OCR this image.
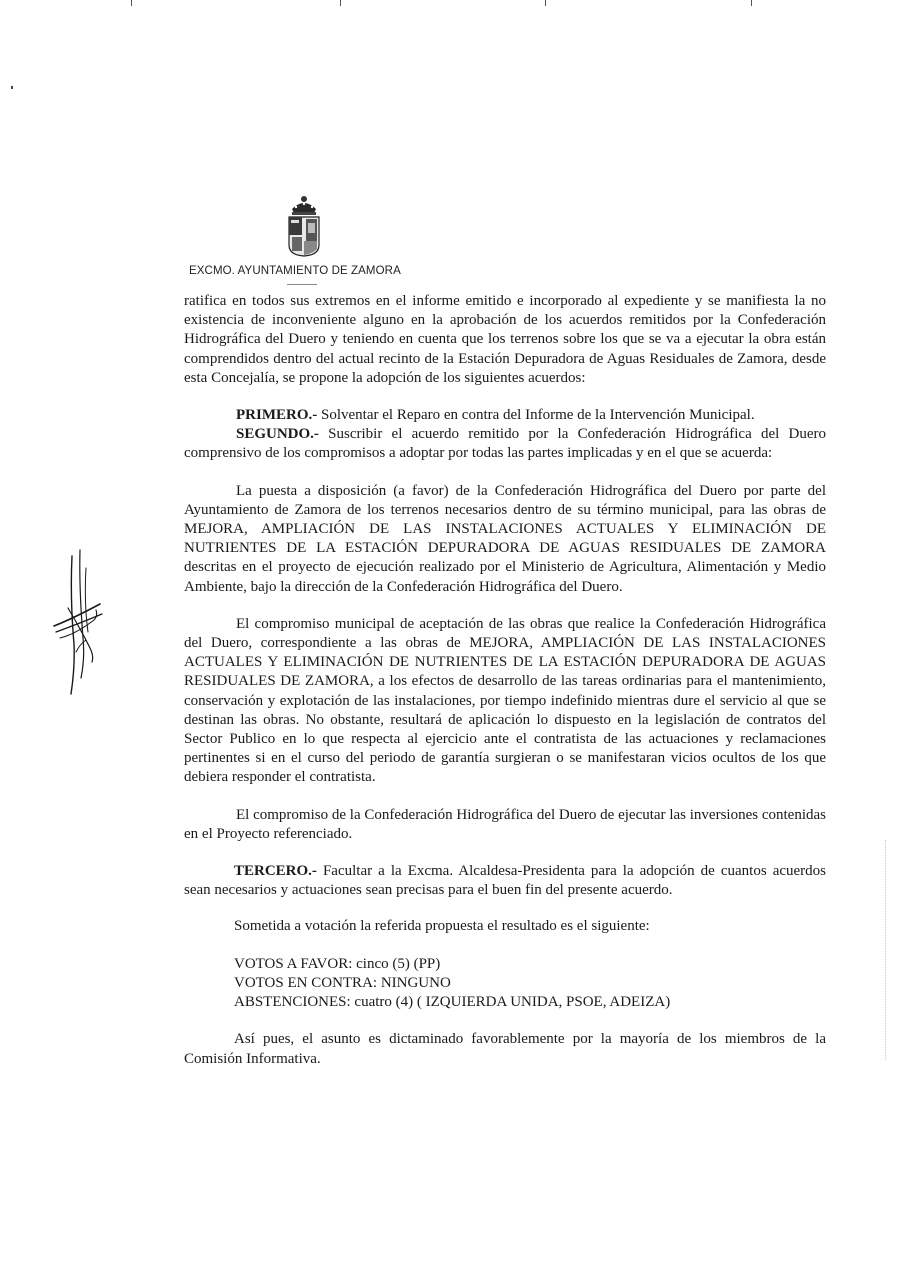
EXCMO. AYUNTAMIENTO DE ZAMORA

ratifica en todos sus extremos en el informe emitido e incorporado al expediente y se manifiesta la no existencia de inconveniente alguno en la aprobación de los acuerdos remitidos por la Confederación Hidrográfica del Duero y teniendo en cuenta que los terrenos sobre los que se va a ejecutar la obra están comprendidos dentro del actual recinto de la Estación Depuradora de Aguas Residuales de Zamora, desde esta Concejalía, se propone la adopción de los siguientes acuerdos:

PRIMERO.- Solventar el Reparo en contra del Informe de la Intervención Municipal.

SEGUNDO.- Suscribir el acuerdo remitido por la Confederación Hidrográfica del Duero comprensivo de los compromisos a adoptar por todas las partes implicadas y en el que se acuerda:

La puesta a disposición (a favor) de la Confederación Hidrográfica del Duero por parte del Ayuntamiento de Zamora de los terrenos necesarios dentro de su término municipal, para las obras de MEJORA, AMPLIACIÓN DE LAS INSTALACIONES ACTUALES Y ELIMINACIÓN DE NUTRIENTES DE LA ESTACIÓN DEPURADORA DE AGUAS RESIDUALES DE ZAMORA descritas en el proyecto de ejecución realizado por el Ministerio de Agricultura, Alimentación y Medio Ambiente, bajo la dirección de la Confederación Hidrográfica del Duero.

El compromiso municipal de aceptación de las obras que realice la Confederación Hidrográfica del Duero, correspondiente a las obras de MEJORA, AMPLIACIÓN DE LAS INSTALACIONES ACTUALES Y ELIMINACIÓN DE NUTRIENTES DE LA ESTACIÓN DEPURADORA DE AGUAS RESIDUALES DE ZAMORA, a los efectos de desarrollo de las tareas ordinarias para el mantenimiento, conservación y explotación de las instalaciones, por tiempo indefinido mientras dure el servicio al que se destinan las obras. No obstante, resultará de aplicación lo dispuesto en la legislación de contratos del Sector Publico en lo que respecta al ejercicio ante el contratista de las actuaciones y reclamaciones pertinentes si en el curso del periodo de garantía surgieran o se manifestaran vicios ocultos de los que debiera responder el contratista.

El compromiso de la Confederación Hidrográfica del Duero de ejecutar las inversiones contenidas en el Proyecto referenciado.

TERCERO.- Facultar a la Excma. Alcaldesa-Presidenta para la adopción de cuantos acuerdos sean necesarios y actuaciones sean precisas para el buen fin del presente acuerdo.

Sometida a votación la referida propuesta el resultado es el siguiente:

VOTOS A FAVOR: cinco (5) (PP)

VOTOS EN CONTRA: NINGUNO

ABSTENCIONES: cuatro (4) ( IZQUIERDA UNIDA, PSOE, ADEIZA)

Así pues, el asunto es dictaminado favorablemente por la mayoría de los miembros de la Comisión Informativa.
